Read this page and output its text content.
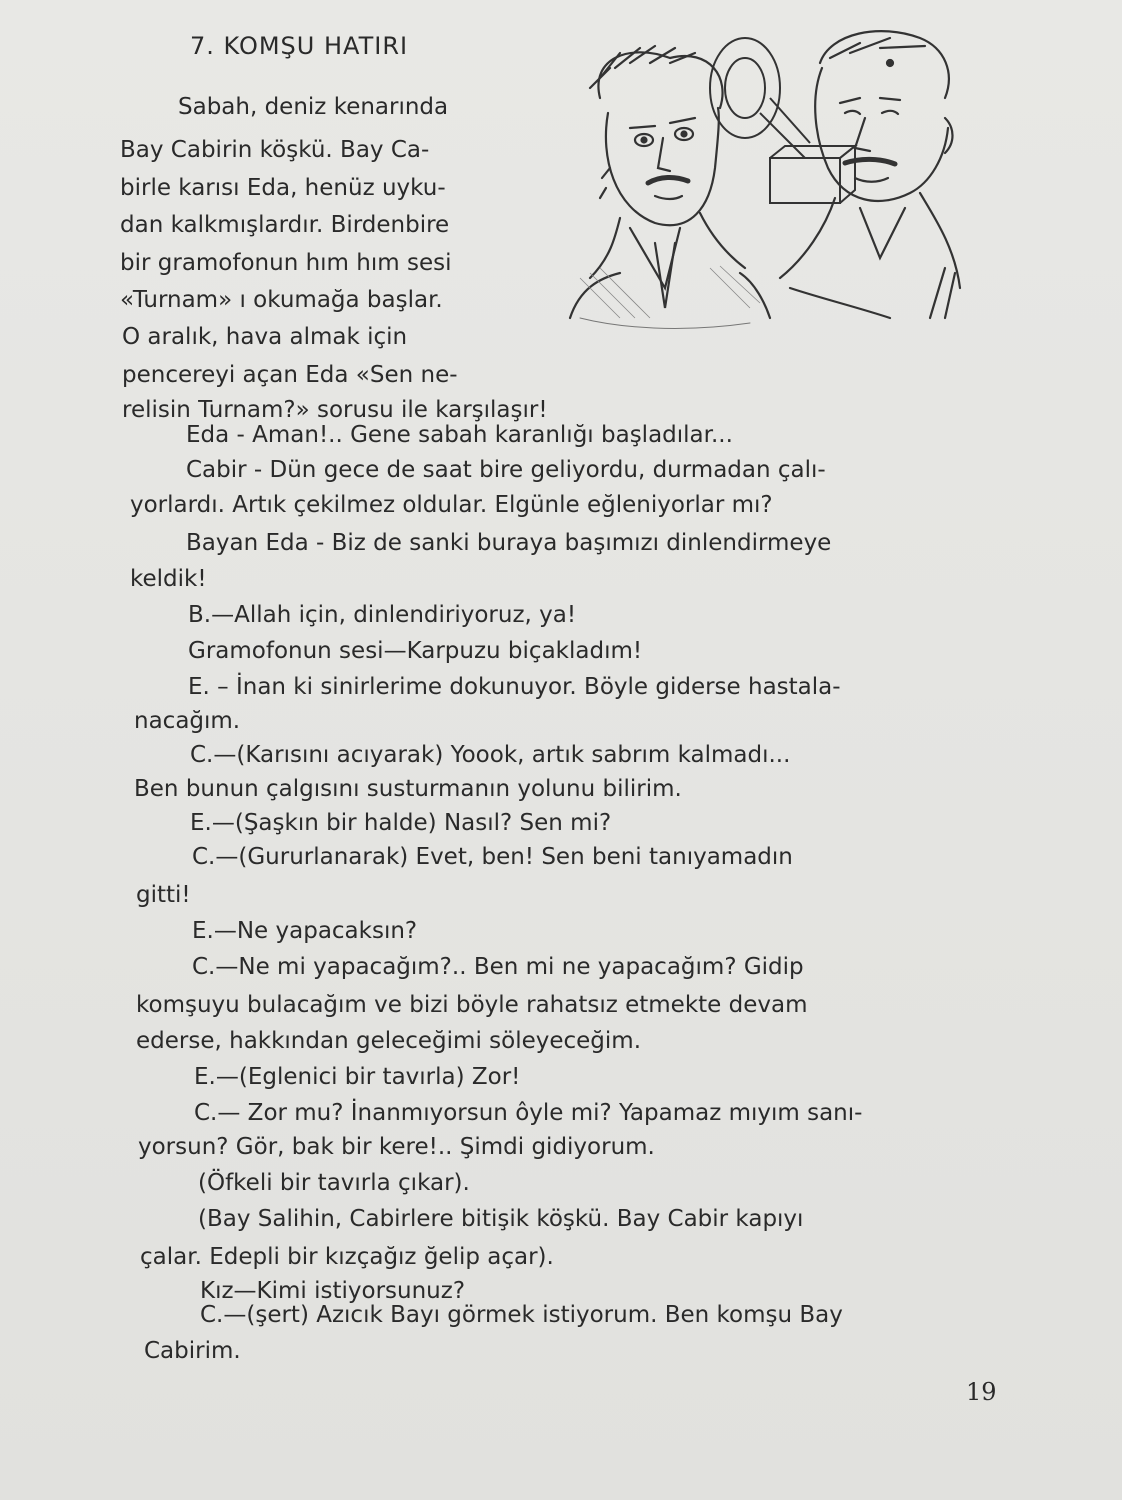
7. KOMŞU HATIRI
Sabah, deniz kenarında
Bay Cabirin köşkü. Bay Ca-
birle karısı Eda, henüz uyku-
dan kalkmışlardır. Birdenbire
bir gramofonun hım hım sesi
«Turnam» ı okumağa başlar.
O aralık, hava almak için
pencereyi açan Eda «Sen ne-
relisin Turnam?» sorusu ile karşılaşır!
Eda - Aman!.. Gene sabah karanlığı başladılar...
Cabir - Dün gece de saat bire geliyordu, durmadan çalı-
yorlardı. Artık çekilmez oldular. Elgünle eğleniyorlar mı?
Bayan Eda - Biz de sanki buraya başımızı dinlendirmeye
keldik!
B.—Allah için, dinlendiriyoruz, ya!
Gramofonun sesi—Karpuzu biçakladım!
E. – İnan ki sinirlerime dokunuyor. Böyle giderse hastala-
nacağım.
C.—(Karısını acıyarak) Yoook, artık sabrım kalmadı...
Ben bunun çalgısını susturmanın yolunu bilirim.
E.—(Şaşkın bir halde) Nasıl? Sen mi?
C.—(Gururlanarak) Evet, ben! Sen beni tanıyamadın
gitti!
E.—Ne yapacaksın?
C.—Ne mi yapacağım?.. Ben mi ne yapacağım? Gidip
komşuyu bulacağım ve bizi böyle rahatsız etmekte devam
ederse, hakkından geleceğimi söleyeceğim.
E.—(Eglenici bir tavırla) Zor!
C.— Zor mu? İnanmıyorsun ôyle mi? Yapamaz mıyım sanı-
yorsun? Gör, bak bir kere!.. Şimdi gidiyorum.
(Öfkeli bir tavırla çıkar).
(Bay Salihin, Cabirlere bitişik köşkü. Bay Cabir kapıyı
çalar. Edepli bir kızçağız ğelip açar).
Kız—Kimi istiyorsunuz?
C.—(şert) Azıcık Bayı görmek istiyorum. Ben komşu Bay
Cabirim.
19
